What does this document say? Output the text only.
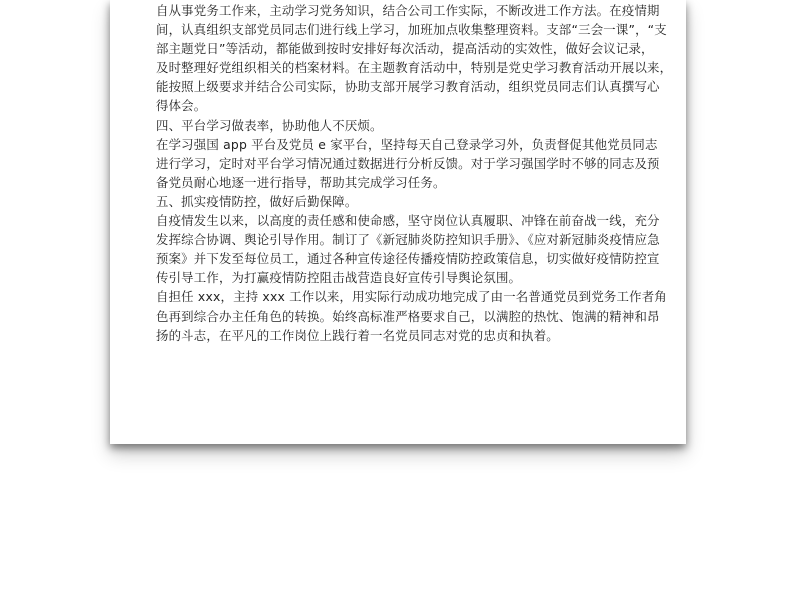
自从事党务工作来，主动学习党务知识，结合公司工作实际，不断改进工作方法。在疫情期
间，认真组织支部党员同志们进行线上学习，加班加点收集整理资料。支部“三会一课”，“支
部主题党日”等活动，都能做到按时安排好每次活动，提高活动的实效性，做好会议记录，
及时整理好党组织相关的档案材料。在主题教育活动中，特别是党史学习教育活动开展以来，
能按照上级要求并结合公司实际，协助支部开展学习教育活动，组织党员同志们认真撰写心
得体会。
四、平台学习做表率，协助他人不厌烦。
在学习强国 app 平台及党员 e 家平台，坚持每天自己登录学习外，负责督促其他党员同志
进行学习，定时对平台学习情况通过数据进行分析反馈。对于学习强国学时不够的同志及预
备党员耐心地逐一进行指导，帮助其完成学习任务。
五、抓实疫情防控，做好后勤保障。
自疫情发生以来，以高度的责任感和使命感，坚守岗位认真履职、冲锋在前奋战一线，充分
发挥综合协调、舆论引导作用。制订了《新冠肺炎防控知识手册》、《应对新冠肺炎疫情应急
预案》并下发至每位员工，通过各种宣传途径传播疫情防控政策信息，切实做好疫情防控宣
传引导工作，为打赢疫情防控阻击战营造良好宣传引导舆论氛围。
自担任 xxx，主持 xxx 工作以来，用实际行动成功地完成了由一名普通党员到党务工作者角
色再到综合办主任角色的转换。始终高标准严格要求自己，以满腔的热忱、饱满的精神和昂
扬的斗志，在平凡的工作岗位上践行着一名党员同志对党的忠贞和执着。
